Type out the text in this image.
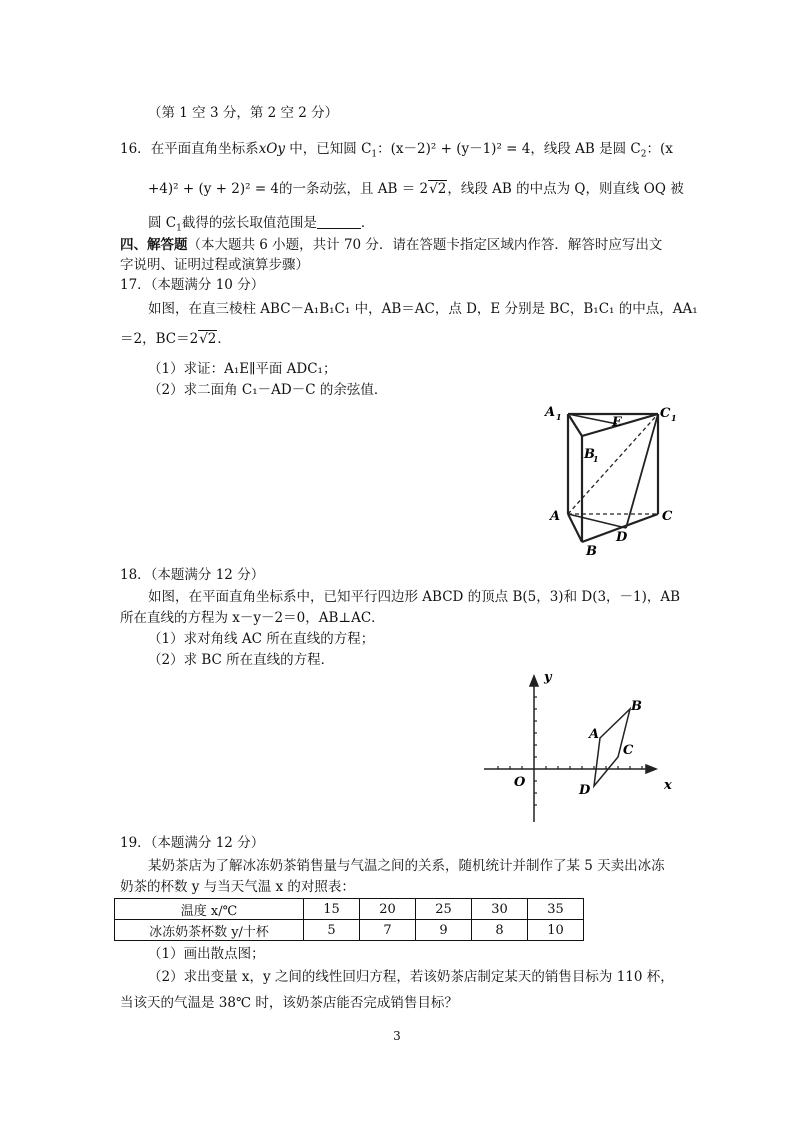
（第 1 空 3 分，第 2 空 2 分）
16．在平面直角坐标系xOy 中，已知圆 $C_1$：(x－2)² + (y－1)² = 4，线段 AB 是圆 $C_2$：(x
+4)² + (y + 2)² = 4的一条动弦，且 AB ＝ 2√2，线段 AB 的中点为 Q，则直线 OQ 被
圆 $C_1$截得的弦长取值范围是	．
四、解答题（本大题共 6 小题，共计 70 分．请在答题卡指定区域内作答．解答时应写出文
字说明、证明过程或演算步骤）
17．（本题满分 10 分）
如图，在直三棱柱 ABC－A₁B₁C₁ 中，AB＝AC，点 D，E 分别是 BC，B₁C₁ 的中点，AA₁
＝2，BC＝2√2．
（1）求证：A₁E∥平面 ADC₁；
（2）求二面角 C₁－AD－C 的余弦值．
A 1	E
C 1
B
1
A	C
D
B
18．（本题满分 12 分）
如图，在平面直角坐标系中，已知平行四边形 ABCD 的顶点 B(5，3)和 D(3，－1)，AB
所在直线的方程为 x－y－2＝0，AB⊥AC．
（1）求对角线 AC 所在直线的方程；
（2）求 BC 所在直线的方程．
y
x
O
A
B
C
D
19．（本题满分 12 分）
某奶茶店为了解冰冻奶茶销售量与气温之间的关系，随机统计并制作了某 5 天卖出冰冻
奶茶的杯数 y 与当天气温 x 的对照表：
温度 x/℃	15	20	25	30	35
冰冻奶茶杯数 y/十杯	5	7	9	8	10
（1）画出散点图；
（2）求出变量 x，y 之间的线性回归方程，若该奶茶店制定某天的销售目标为 110 杯，
当该天的气温是 38℃ 时，该奶茶店能否完成销售目标？
3
